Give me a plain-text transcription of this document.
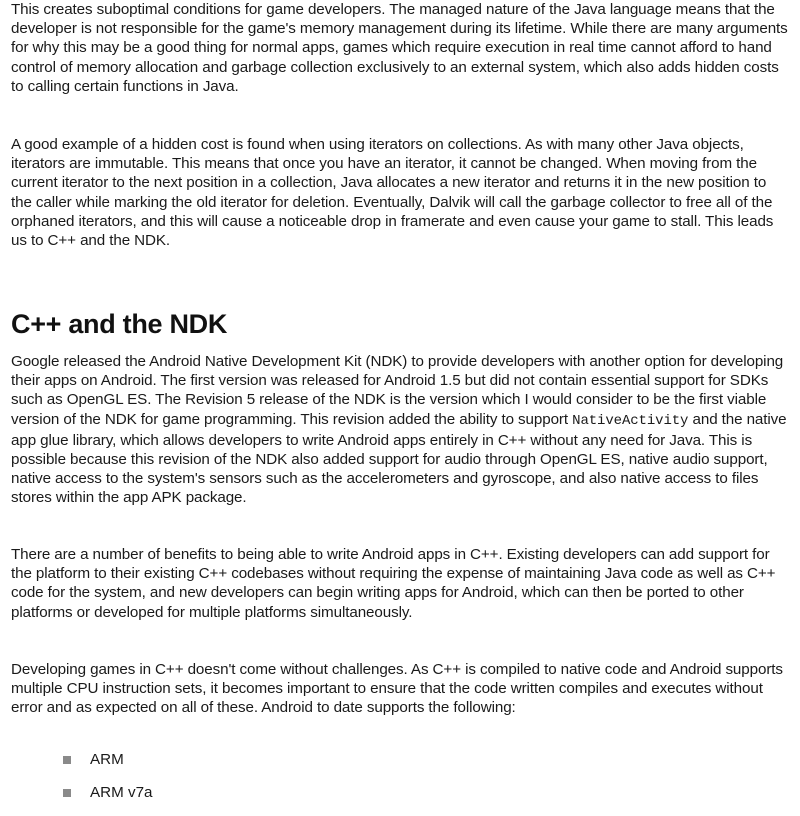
This creates suboptimal conditions for game developers. The managed nature of the Java language means that the developer is not responsible for the game's memory management during its lifetime. While there are many arguments for why this may be a good thing for normal apps, games which require execution in real time cannot afford to hand control of memory allocation and garbage collection exclusively to an external system, which also adds hidden costs to calling certain functions in Java.

A good example of a hidden cost is found when using iterators on collections. As with many other Java objects, iterators are immutable. This means that once you have an iterator, it cannot be changed. When moving from the current iterator to the next position in a collection, Java allocates a new iterator and returns it in the new position to the caller while marking the old iterator for deletion. Eventually, Dalvik will call the garbage collector to free all of the orphaned iterators, and this will cause a noticeable drop in framerate and even cause your game to stall. This leads us to C++ and the NDK.

C++ and the NDK

Google released the Android Native Development Kit (NDK) to provide developers with another option for developing their apps on Android. The first version was released for Android 1.5 but did not contain essential support for SDKs such as OpenGL ES. The Revision 5 release of the NDK is the version which I would consider to be the first viable version of the NDK for game programming. This revision added the ability to support NativeActivity and the native app glue library, which allows developers to write Android apps entirely in C++ without any need for Java. This is possible because this revision of the NDK also added support for audio through OpenGL ES, native audio support, native access to the system's sensors such as the accelerometers and gyroscope, and also native access to files stores within the app APK package.

There are a number of benefits to being able to write Android apps in C++. Existing developers can add support for the platform to their existing C++ codebases without requiring the expense of maintaining Java code as well as C++ code for the system, and new developers can begin writing apps for Android, which can then be ported to other platforms or developed for multiple platforms simultaneously.

Developing games in C++ doesn't come without challenges. As C++ is compiled to native code and Android supports multiple CPU instruction sets, it becomes important to ensure that the code written compiles and executes without error and as expected on all of these. Android to date supports the following:

ARM
ARM v7a
